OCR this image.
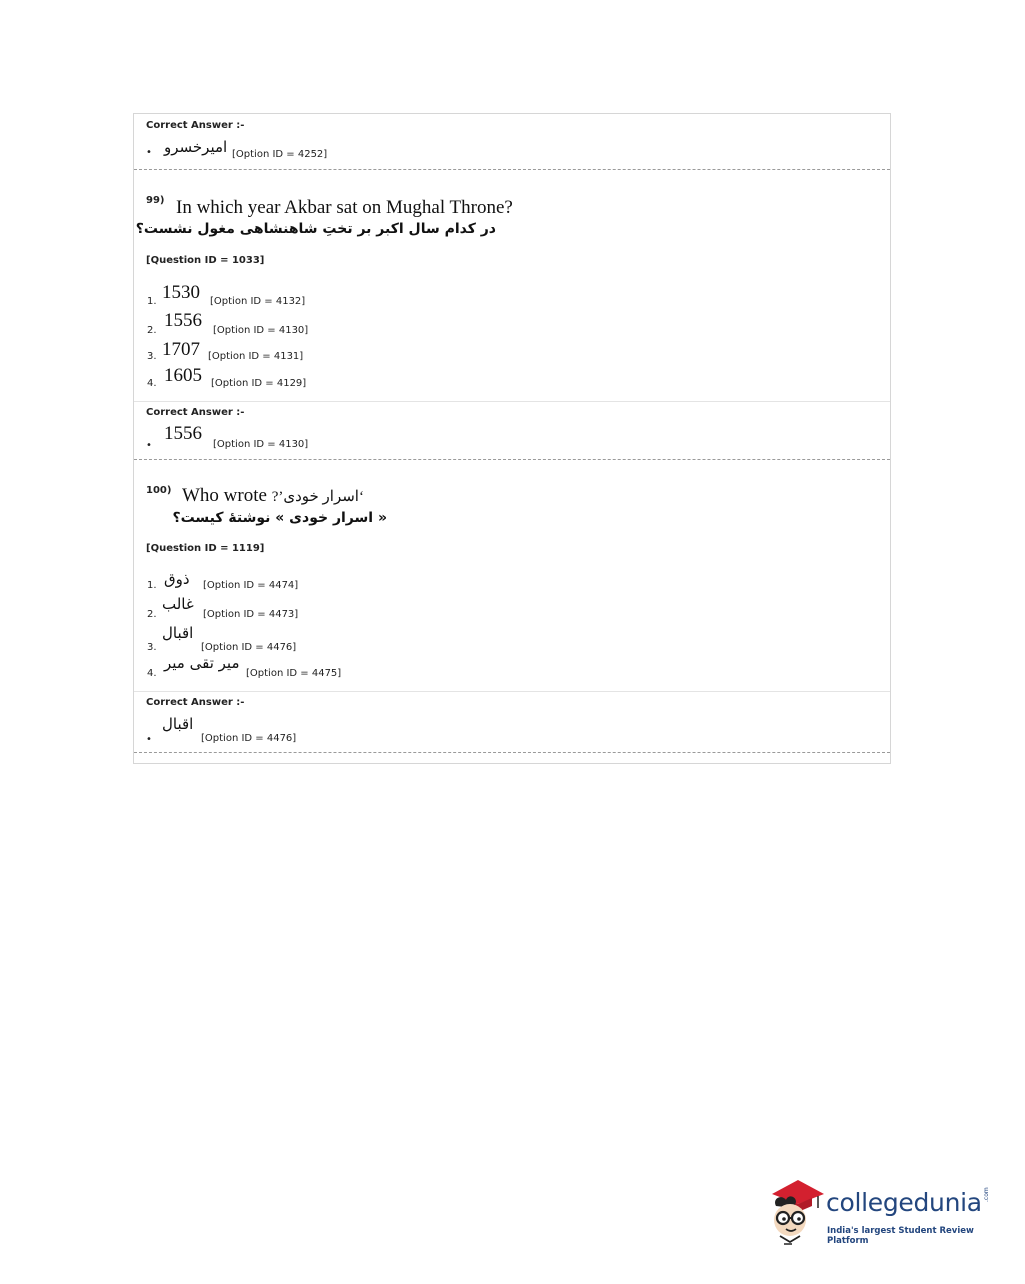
Correct Answer :-
• امیرخسرو [Option ID = 4252]
99) In which year Akbar sat on Mughal Throne?
در کدام سال اکبر بر تختِ شاهنشاهی مغول نشست؟
[Question ID = 1033]
1. 1530 [Option ID = 4132]
2. 1556 [Option ID = 4130]
3. 1707 [Option ID = 4131]
4. 1605 [Option ID = 4129]
Correct Answer :-
•
1556
[Option ID = 4130]
100) Who wrote ‘اسرار خودی’?
« اسرار خودی » نوشتهٔ کیست؟
[Question ID = 1119]
1. ذوق [Option ID = 4474]
2.
غالب
[Option ID = 4473]
3.
اقبال
[Option ID = 4476]
4.
میر تقی میر
[Option ID = 4475]
Correct Answer :-
•
اقبال
[Option ID = 4476]
collegedunia .com
India's largest Student Review Platform
